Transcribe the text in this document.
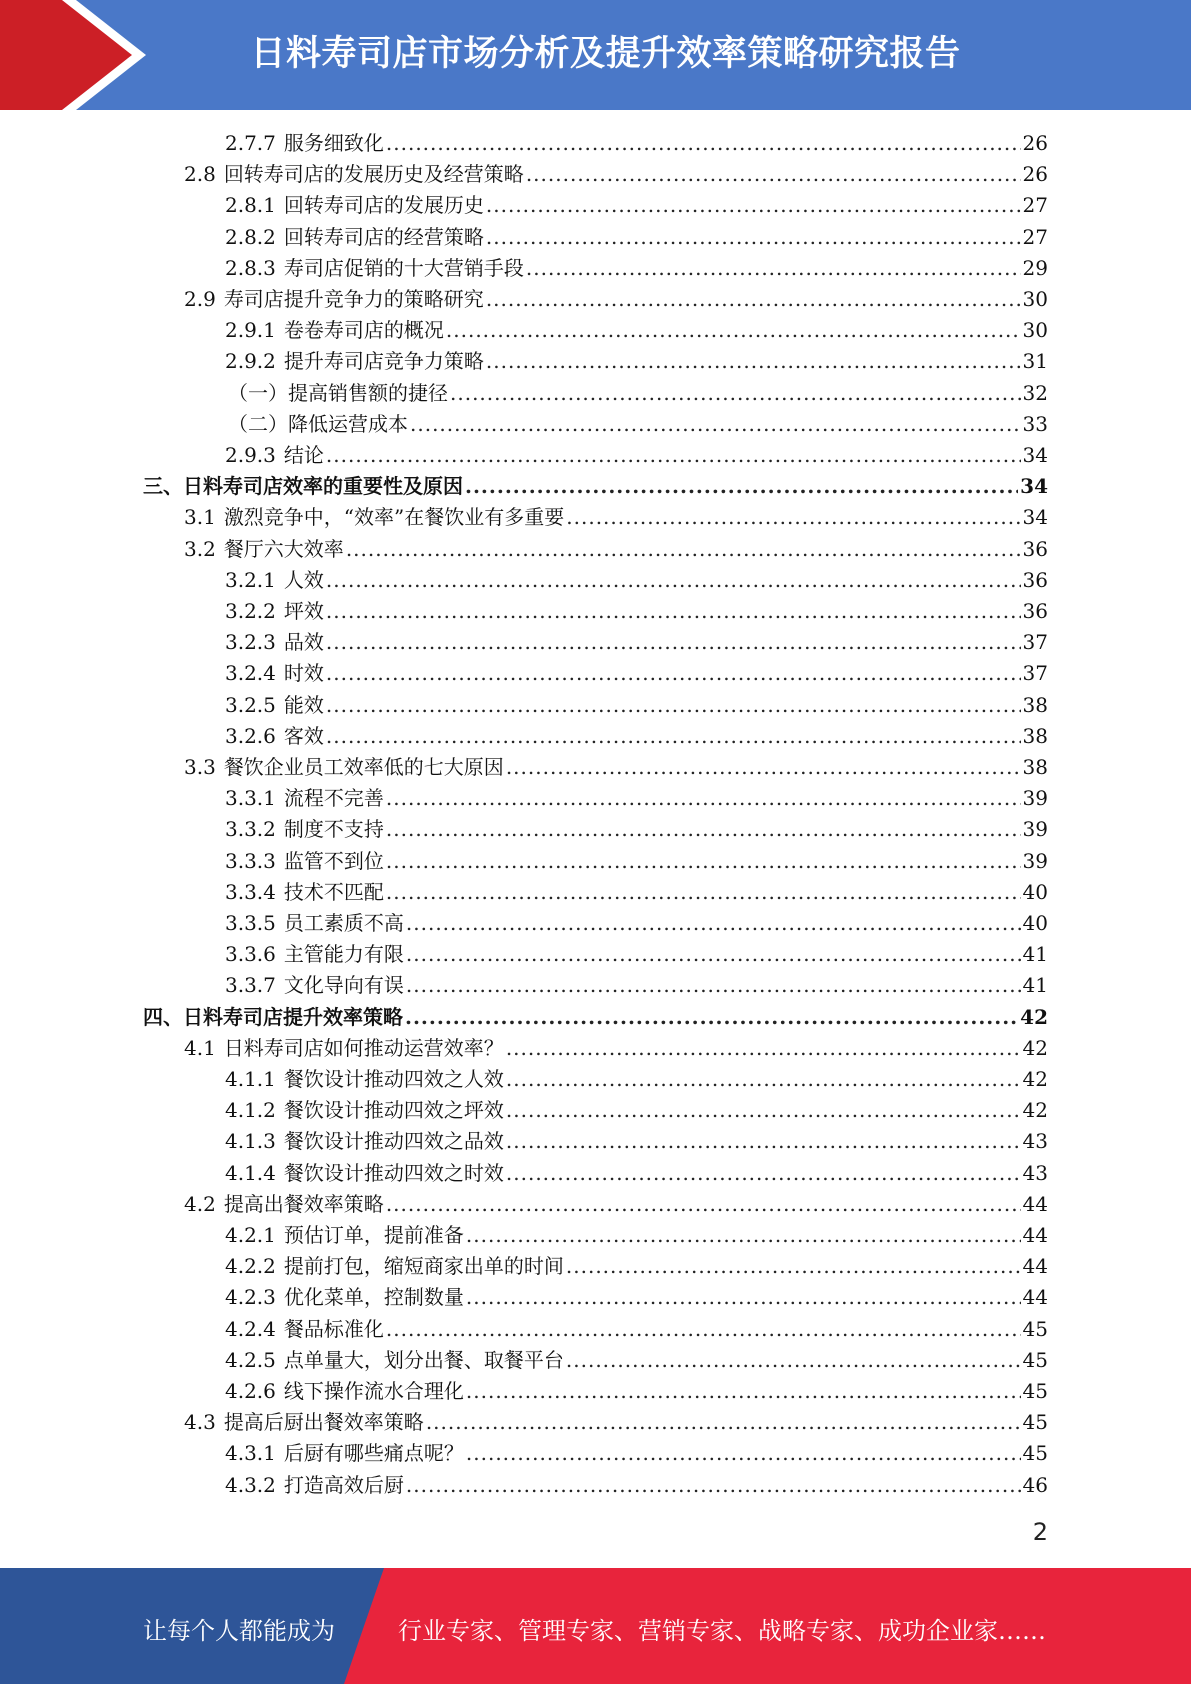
日料寿司店市场分析及提升效率策略研究报告
2.7.7 服务细致化 .....	26
2.8 回转寿司店的发展历史及经营策略 .....	26
2.8.1 回转寿司店的发展历史 .....	27
2.8.2 回转寿司店的经营策略 .....	27
2.8.3 寿司店促销的十大营销手段 .....	29
2.9 寿司店提升竞争力的策略研究 .....	30
2.9.1 卷卷寿司店的概况 .....	30
2.9.2 提升寿司店竞争力策略 .....	31
（一）提高销售额的捷径 .....	32
（二）降低运营成本 .....	33
2.9.3 结论 .....	34
三、日料寿司店效率的重要性及原因 .....	34
3.1 激烈竞争中，“效率”在餐饮业有多重要 .....	34
3.2 餐厅六大效率 .....	36
3.2.1 人效 .....	36
3.2.2 坪效 .....	36
3.2.3 品效 .....	37
3.2.4 时效 .....	37
3.2.5 能效 .....	38
3.2.6 客效 .....	38
3.3 餐饮企业员工效率低的七大原因 .....	38
3.3.1 流程不完善 .....	39
3.3.2 制度不支持 .....	39
3.3.3 监管不到位 .....	39
3.3.4 技术不匹配 .....	40
3.3.5 员工素质不高 .....	40
3.3.6 主管能力有限 .....	41
3.3.7 文化导向有误 .....	41
四、日料寿司店提升效率策略 .....	42
4.1 日料寿司店如何推动运营效率？ .....	42
4.1.1 餐饮设计推动四效之人效 .....	42
4.1.2 餐饮设计推动四效之坪效 .....	42
4.1.3 餐饮设计推动四效之品效 .....	43
4.1.4 餐饮设计推动四效之时效 .....	43
4.2 提高出餐效率策略 .....	44
4.2.1 预估订单，提前准备 .....	44
4.2.2 提前打包，缩短商家出单的时间 .....	44
4.2.3 优化菜单，控制数量 .....	44
4.2.4 餐品标准化 .....	45
4.2.5 点单量大，划分出餐、取餐平台 .....	45
4.2.6 线下操作流水合理化 .....	45
4.3 提高后厨出餐效率策略 .....	45
4.3.1 后厨有哪些痛点呢？ .....	45
4.3.2 打造高效后厨 .....	46
2
让每个人都能成为	行业专家、管理专家、营销专家、战略专家、成功企业家……
